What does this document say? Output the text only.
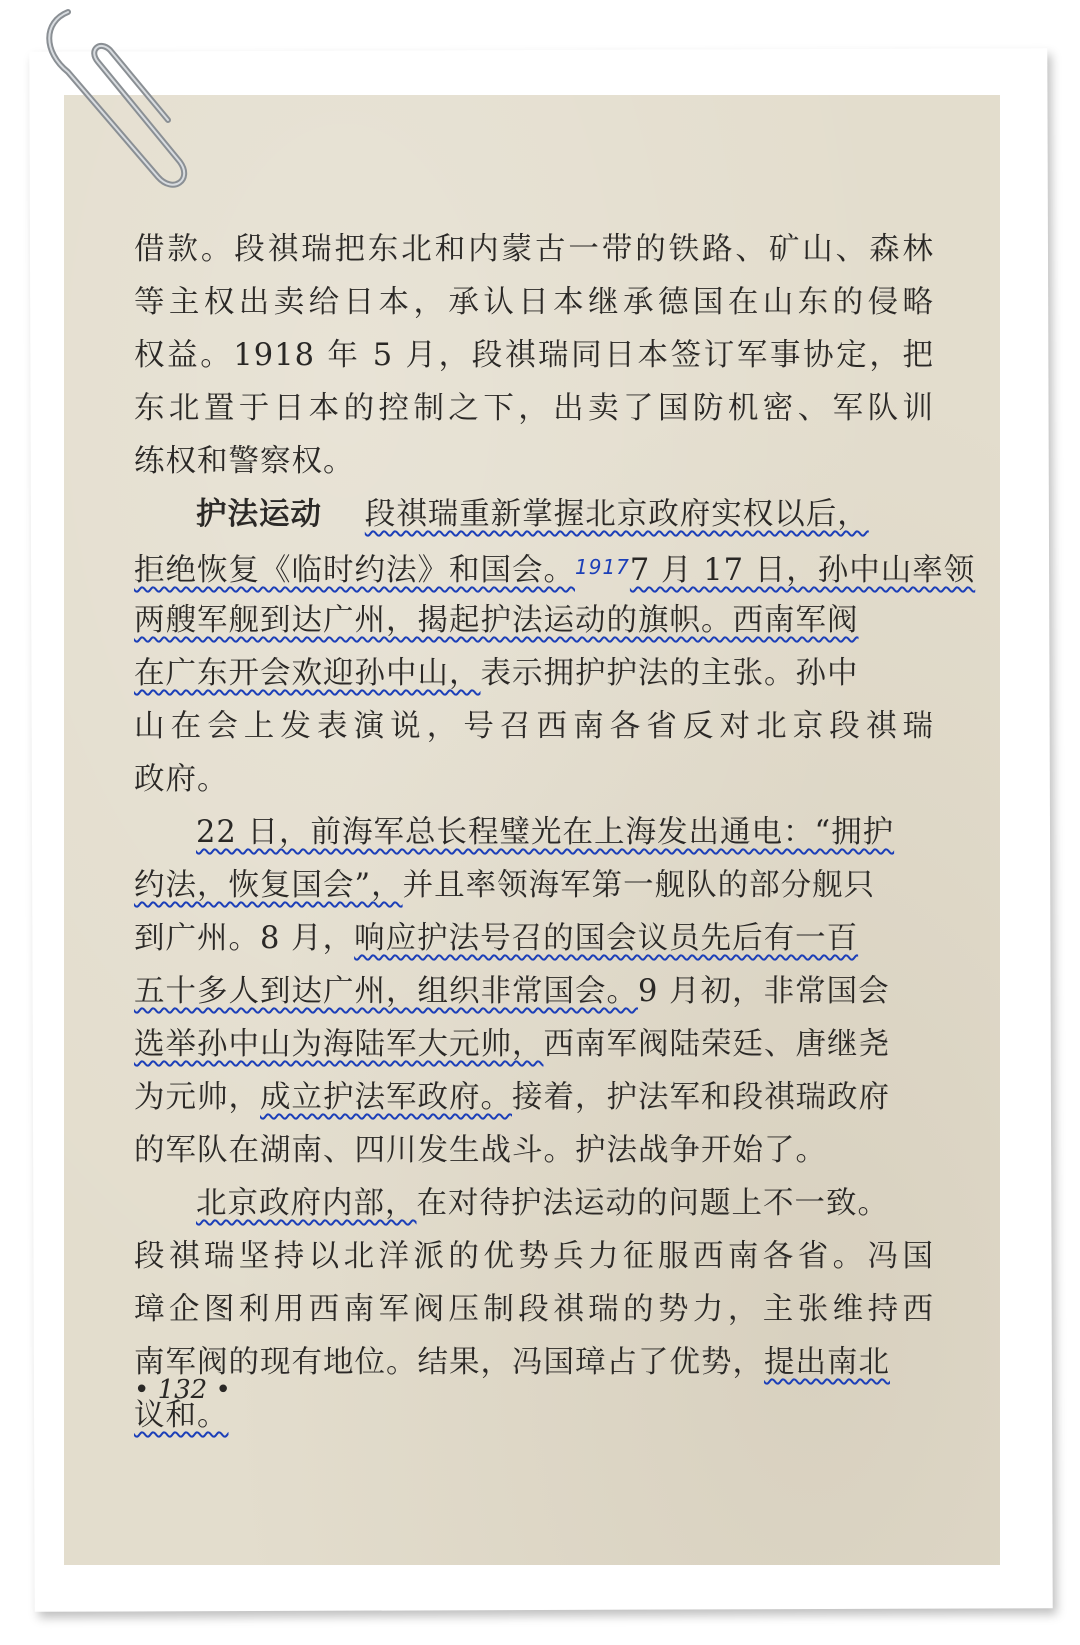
借款。段祺瑞把东北和内蒙古一带的铁路、矿山、森林
等主权出卖给日本，承认日本继承德国在山东的侵略
权益。1918 年 5 月，段祺瑞同日本签订军事协定，把
东北置于日本的控制之下，出卖了国防机密、军队训
练权和警察权。
护法运动 段祺瑞重新掌握北京政府实权以后，
拒绝恢复《临时约法》和国会。19177 月 17 日，孙中山率领
两艘军舰到达广州，揭起护法运动的旗帜。西南军阀
在广东开会欢迎孙中山，表示拥护护法的主张。孙中
山在会上发表演说，号召西南各省反对北京段祺瑞
政府。
22 日，前海军总长程璧光在上海发出通电：“拥护
约法，恢复国会”，并且率领海军第一舰队的部分舰只
到广州。8 月，响应护法号召的国会议员先后有一百
五十多人到达广州，组织非常国会。9 月初，非常国会
选举孙中山为海陆军大元帅，西南军阀陆荣廷、唐继尧
为元帅，成立护法军政府。接着，护法军和段祺瑞政府
的军队在湖南、四川发生战斗。护法战争开始了。
北京政府内部，在对待护法运动的问题上不一致。
段祺瑞坚持以北洋派的优势兵力征服西南各省。冯国
璋企图利用西南军阀压制段祺瑞的势力，主张维持西
南军阀的现有地位。结果，冯国璋占了优势，提出南北
议和。
• 132 •
